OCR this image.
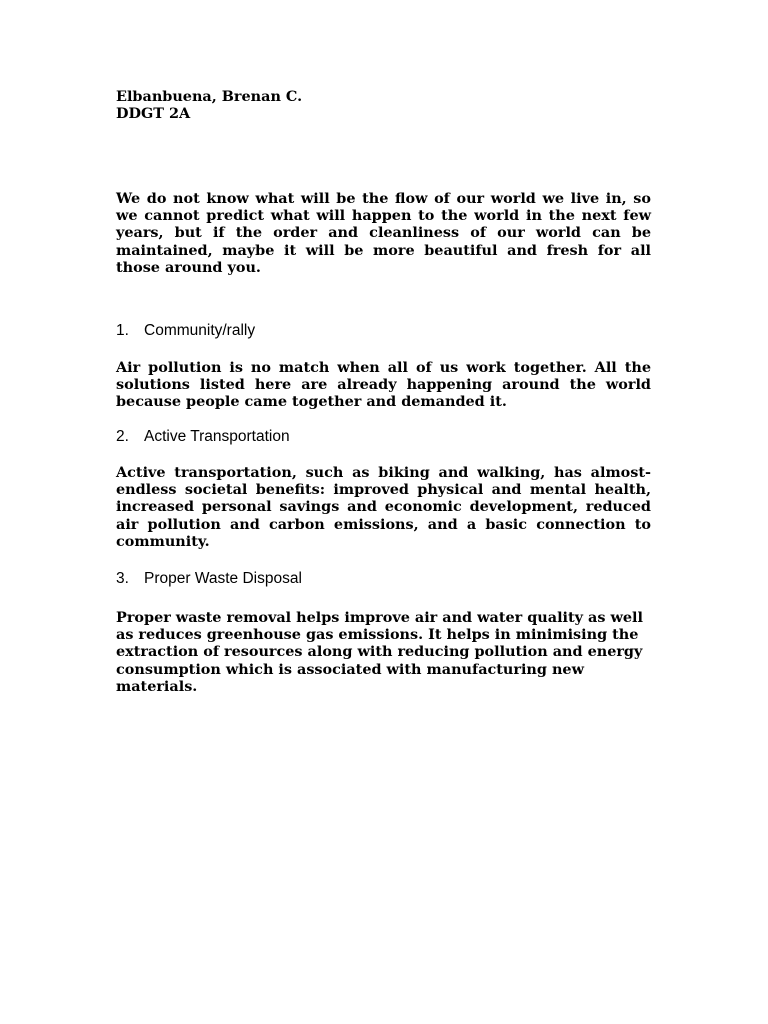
Elbanbuena, Brenan C.
DDGT 2A

We do not know what will be the flow of our world we live in, so we cannot predict what will happen to the world in the next few years, but if the order and cleanliness of our world can be maintained, maybe it will be more beautiful and fresh for all those around you.

1. Community/rally

Air pollution is no match when all of us work together. All the solutions listed here are already happening around the world because people came together and demanded it.

2. Active Transportation

Active transportation, such as biking and walking, has almost-endless societal benefits: improved physical and mental health, increased personal savings and economic development, reduced air pollution and carbon emissions, and a basic connection to community.

3. Proper Waste Disposal

Proper waste removal helps improve air and water quality as well as reduces greenhouse gas emissions. It helps in minimising the extraction of resources along with reducing pollution and energy consumption which is associated with manufacturing new materials.
